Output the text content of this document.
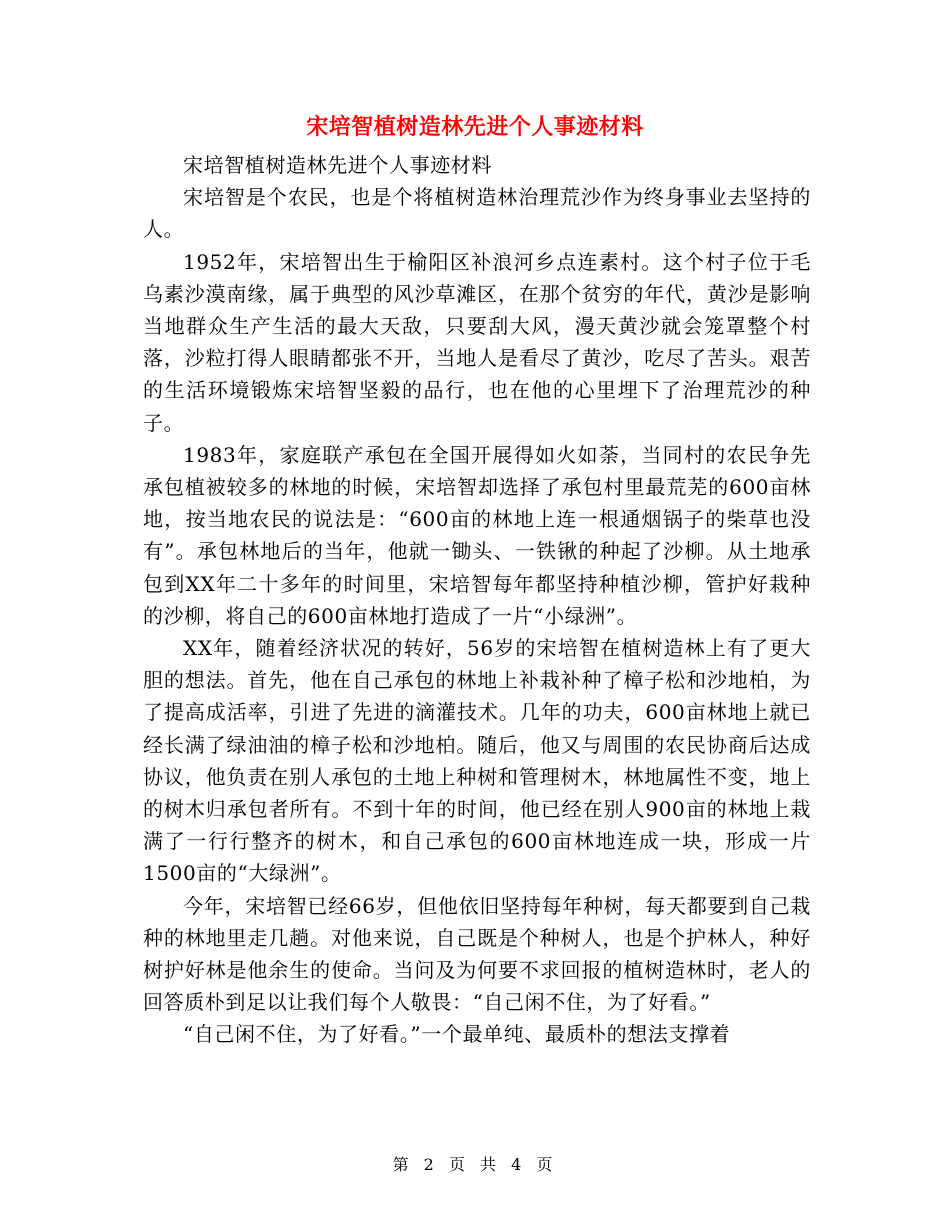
宋培智植树造林先进个人事迹材料

宋培智植树造林先进个人事迹材料

宋培智是个农民，也是个将植树造林治理荒沙作为终身事业去坚持的人。

1952年，宋培智出生于榆阳区补浪河乡点连素村。这个村子位于毛乌素沙漠南缘，属于典型的风沙草滩区，在那个贫穷的年代，黄沙是影响当地群众生产生活的最大天敌，只要刮大风，漫天黄沙就会笼罩整个村落，沙粒打得人眼睛都张不开，当地人是看尽了黄沙，吃尽了苦头。艰苦的生活环境锻炼宋培智坚毅的品行，也在他的心里埋下了治理荒沙的种子。

1983年，家庭联产承包在全国开展得如火如荼，当同村的农民争先承包植被较多的林地的时候，宋培智却选择了承包村里最荒芜的600亩林地，按当地农民的说法是：“600亩的林地上连一根通烟锅子的柴草也没有”。承包林地后的当年，他就一锄头、一铁锹的种起了沙柳。从土地承包到XX年二十多年的时间里，宋培智每年都坚持种植沙柳，管护好栽种的沙柳，将自己的600亩林地打造成了一片“小绿洲”。

XX年，随着经济状况的转好，56岁的宋培智在植树造林上有了更大胆的想法。首先，他在自己承包的林地上补栽补种了樟子松和沙地柏，为了提高成活率，引进了先进的滴灌技术。几年的功夫，600亩林地上就已经长满了绿油油的樟子松和沙地柏。随后，他又与周围的农民协商后达成协议，他负责在别人承包的土地上种树和管理树木，林地属性不变，地上的树木归承包者所有。不到十年的时间，他已经在别人900亩的林地上栽满了一行行整齐的树木，和自己承包的600亩林地连成一块，形成一片1500亩的“大绿洲”。

今年，宋培智已经66岁，但他依旧坚持每年种树，每天都要到自己栽种的林地里走几趟。对他来说，自己既是个种树人，也是个护林人，种好树护好林是他余生的使命。当问及为何要不求回报的植树造林时，老人的回答质朴到足以让我们每个人敬畏：“自己闲不住，为了好看。”

“自己闲不住，为了好看。”一个最单纯、最质朴的想法支撑着

第 2 页 共 4 页
